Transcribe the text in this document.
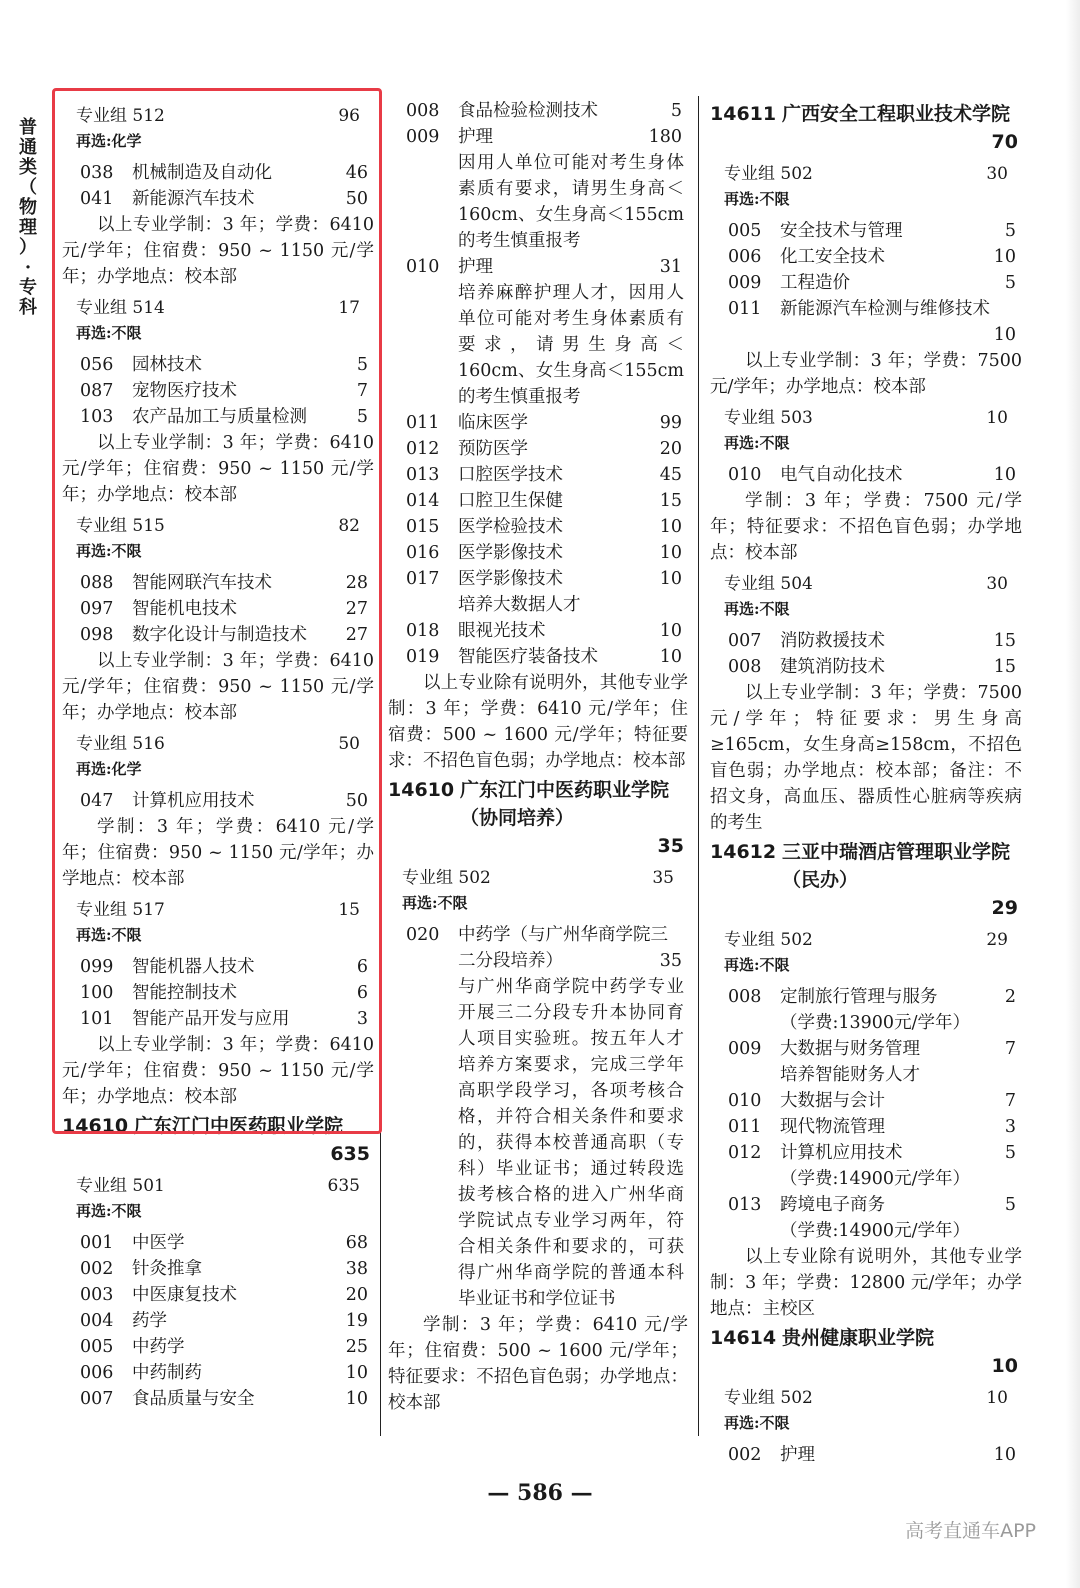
普
通
类
（
物
理
）
·
专
科
专业组 512	96
再选:化学
038 机械制造及自动化	46
041 新能源汽车技术	50
以上专业学制：3 年；学费：6410 元/学年；住宿费：950 ~ 1150 元/学年；办学地点：校本部
专业组 514	17
再选:不限
056 园林技术	5
087 宠物医疗技术	7
103 农产品加工与质量检测	5
以上专业学制：3 年；学费：6410 元/学年；住宿费：950 ~ 1150 元/学年；办学地点：校本部
专业组 515	82
再选:不限
088 智能网联汽车技术	28
097 智能机电技术	27
098 数字化设计与制造技术 27
以上专业学制：3 年；学费：6410 元/学年；住宿费：950 ~ 1150 元/学年；办学地点：校本部
专业组 516	50
再选:化学
047 计算机应用技术	50
学制：3 年；学费：6410 元/学年；住宿费：950 ~ 1150 元/学年；办学地点：校本部
专业组 517	15
再选:不限
099 智能机器人技术	6
100 智能控制技术	6
101 智能产品开发与应用	3
以上专业学制：3 年；学费：6410 元/学年；住宿费：950 ~ 1150 元/学年；办学地点：校本部
14610 广东江门中医药职业学院
635
专业组 501	635
再选:不限
001 中医学	68
002 针灸推拿	38
003 中医康复技术	20
004 药学	19
005 中药学	25
006 中药制药	10
007 食品质量与安全	10
008 食品检验检测技术	5
009 护理	180
因用人单位可能对考生身体素质有要求，请男生身高＜160cm、女生身高＜155cm 的考生慎重报考
010 护理	31
培养麻醉护理人才，因用人单位可能对考生身体素质有要求，请男生身高＜160cm、女生身高＜155cm 的考生慎重报考
011 临床医学	99
012 预防医学	20
013 口腔医学技术	45
014 口腔卫生保健	15
015 医学检验技术	10
016 医学影像技术	10
017 医学影像技术	10
培养大数据人才
018 眼视光技术	10
019 智能医疗装备技术	10
以上专业除有说明外，其他专业学制：3 年；学费：6410 元/学年；住宿费：500 ~ 1600 元/学年；特征要求：不招色盲色弱；办学地点：校本部
14610 广东江门中医药职业学院（协同培养）
35
专业组 502	35
再选:不限
020 中药学（与广州华商学院三
二分段培养）	35
与广州华商学院中药学专业开展三二分段专升本协同育人项目实验班。按五年人才培养方案要求，完成三学年高职学段学习，各项考核合格，并符合相关条件和要求的，获得本校普通高职（专科）毕业证书；通过转段选拔考核合格的进入广州华商学院试点专业学习两年，符合相关条件和要求的，可获得广州华商学院的普通本科毕业证书和学位证书
学制：3 年；学费：6410 元/学年；住宿费：500 ~ 1600 元/学年；特征要求：不招色盲色弱；办学地点：校本部
14611 广西安全工程职业技术学院
70
专业组 502	30
再选:不限
005 安全技术与管理	5
006 化工安全技术	10
009 工程造价	5
011 新能源汽车检测与维修技术
10
以上专业学制：3 年；学费：7500 元/学年；办学地点：校本部
专业组 503	10
再选:不限
010 电气自动化技术	10
学制：3 年；学费：7500 元/学年；特征要求：不招色盲色弱；办学地点：校本部
专业组 504	30
再选:不限
007 消防救援技术	15
008 建筑消防技术	15
以上专业学制：3 年；学费：7500 元/学年；特征要求：男生身高≥165cm，女生身高≥158cm，不招色盲色弱；办学地点：校本部；备注：不招文身，高血压、器质性心脏病等疾病的考生
14612 三亚中瑞酒店管理职业学院（民办）
29
专业组 502	29
再选:不限
008 定制旅行管理与服务	2
（学费:13900元/学年）
009 大数据与财务管理	7
培养智能财务人才
010 大数据与会计	7
011 现代物流管理	3
012 计算机应用技术	5
（学费:14900元/学年）
013 跨境电子商务	5
（学费:14900元/学年）
以上专业除有说明外，其他专业学制：3 年；学费：12800 元/学年；办学地点：主校区
14614 贵州健康职业学院
10
专业组 502	10
再选:不限
002 护理	10
— 586 —
高考直通车APP
